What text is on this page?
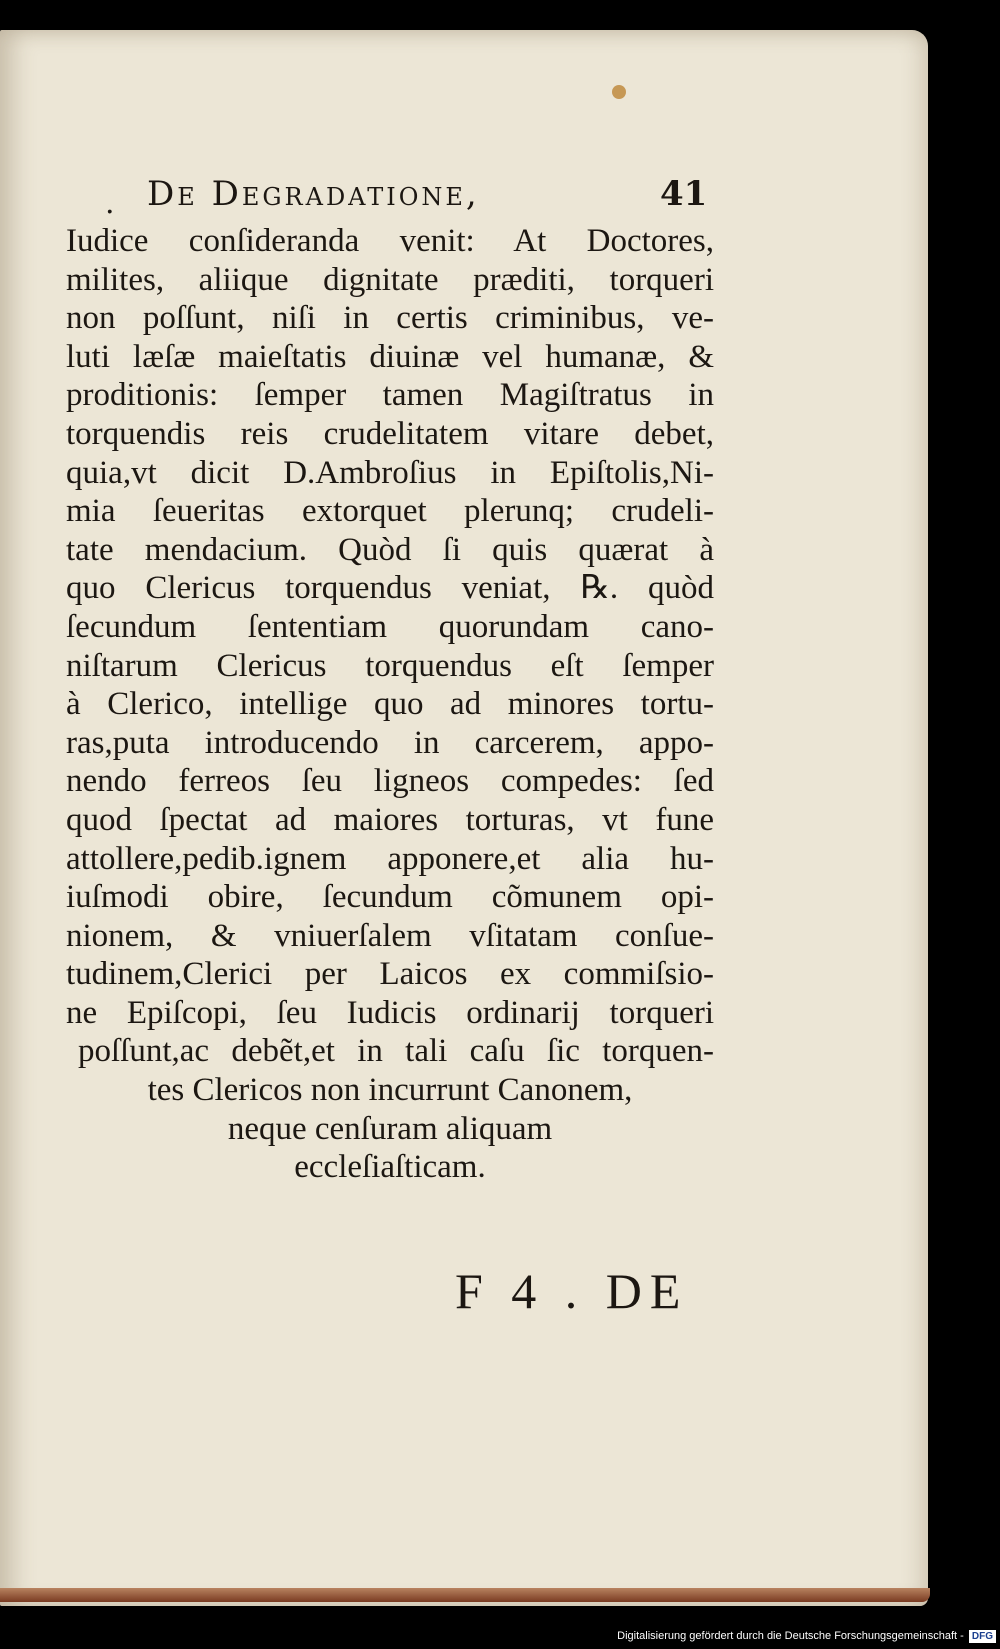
. De Degradatione,	41
Iudice conſideranda venit: At Doctores,
milites, aliique dignitate præditi, torqueri
non poſſunt, niſi in certis criminibus, ve-
luti læſæ maieſtatis diuinæ vel humanæ, &
proditionis: ſemper tamen Magiſtratus in
torquendis reis crudelitatem vitare debet,
quia,vt dicit D.Ambroſius in Epiſtolis,Ni-
mia ſeueritas extorquet plerunq; crudeli-
tate mendacium. Quòd ſi quis quærat à
quo Clericus torquendus veniat, ℞. quòd
ſecundum ſententiam quorundam cano-
niſtarum Clericus torquendus eſt ſemper
à Clerico, intellige quo ad minores tortu-
ras,puta introducendo in carcerem, appo-
nendo ferreos ſeu ligneos compedes: ſed
quod ſpectat ad maiores torturas, vt fune
attollere,pedib.ignem apponere,et alia hu-
iuſmodi obire, ſecundum cõmunem opi-
nionem, & vniuerſalem vſitatam conſue-
tudinem,Clerici per Laicos ex commiſsio-
ne Epiſcopi, ſeu Iudicis ordinarij torqueri
poſſunt,ac debẽt,et in tali caſu ſic torquen-
tes Clericos non incurrunt Canonem,
neque cenſuram aliquam
eccleſiaſticam.
F 4 . DE
Digitalisierung gefördert durch die Deutsche Forschungsgemeinschaft - DFG
